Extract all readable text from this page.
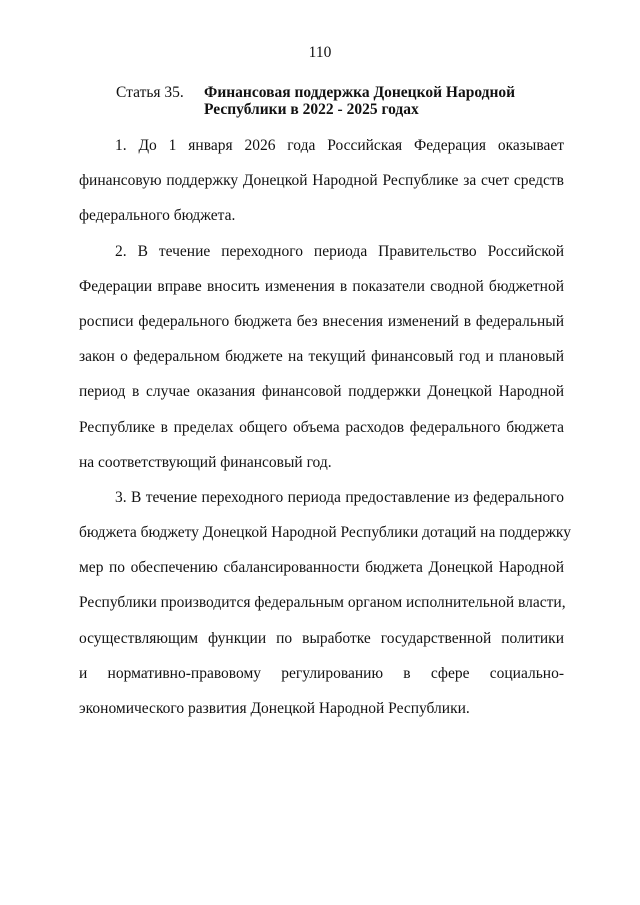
110
Статья 35.	Финансовая поддержка Донецкой Народной Республики в 2022 - 2025 годах

1. До 1 января 2026 года Российская Федерация оказывает
финансовую поддержку Донецкой Народной Республике за счет средств
федерального бюджета.

2. В течение переходного периода Правительство Российской
Федерации вправе вносить изменения в показатели сводной бюджетной
росписи федерального бюджета без внесения изменений в федеральный
закон о федеральном бюджете на текущий финансовый год и плановый
период в случае оказания финансовой поддержки Донецкой Народной
Республике в пределах общего объема расходов федерального бюджета
на соответствующий финансовый год.

3. В течение переходного периода предоставление из федерального
бюджета бюджету Донецкой Народной Республики дотаций на поддержку
мер по обеспечению сбалансированности бюджета Донецкой Народной
Республики производится федеральным органом исполнительной власти,
осуществляющим функции по выработке государственной политики
и нормативно-правовому регулированию в сфере социально-
экономического развития Донецкой Народной Республики.
